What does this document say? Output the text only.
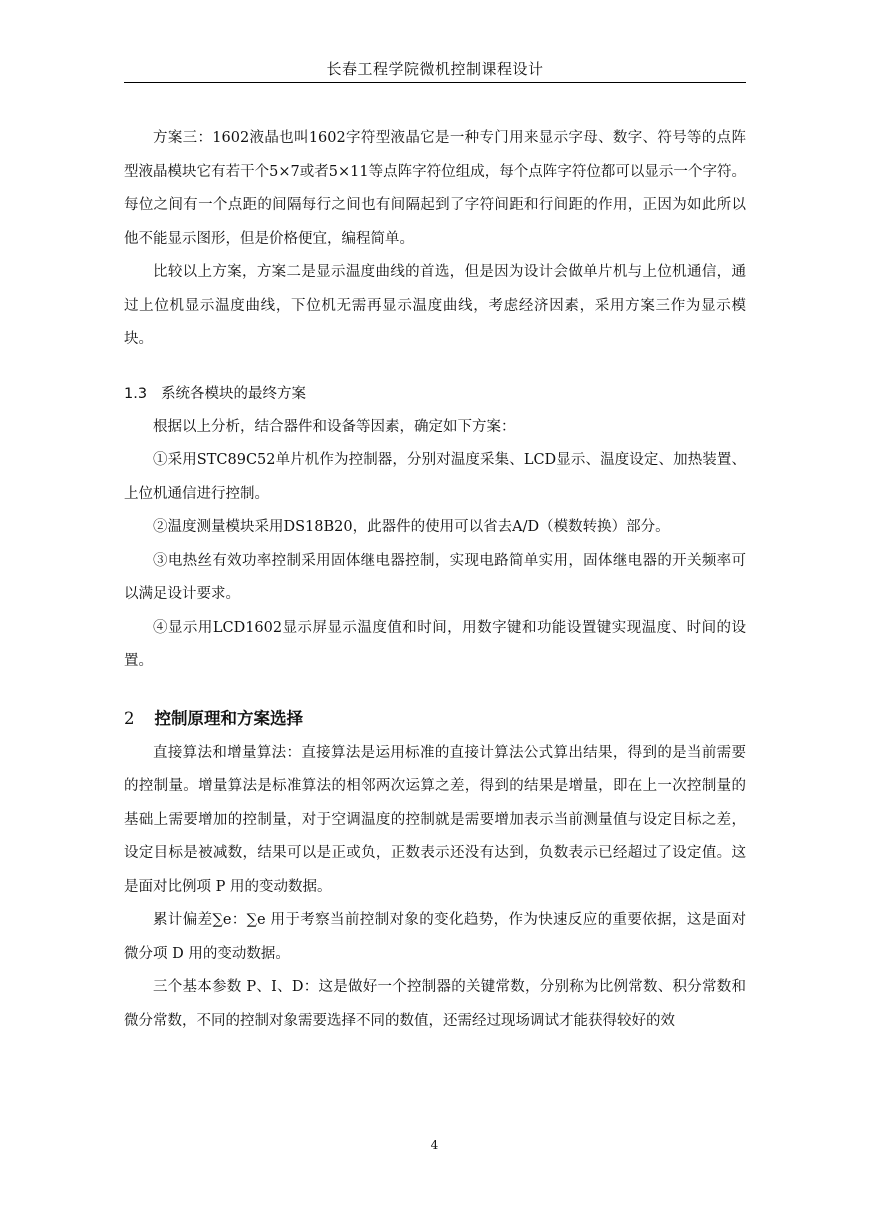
长春工程学院微机控制课程设计

方案三：1602液晶也叫1602字符型液晶它是一种专门用来显示字母、数字、符号等的点阵型液晶模块它有若干个5×7或者5×11等点阵字符位组成，每个点阵字符位都可以显示一个字符。每位之间有一个点距的间隔每行之间也有间隔起到了字符间距和行间距的作用，正因为如此所以他不能显示图形，但是价格便宜，编程简单。

比较以上方案，方案二是显示温度曲线的首选，但是因为设计会做单片机与上位机通信，通过上位机显示温度曲线，下位机无需再显示温度曲线，考虑经济因素，采用方案三作为显示模块。

1.3 系统各模块的最终方案

根据以上分析，结合器件和设备等因素，确定如下方案：

①采用STC89C52单片机作为控制器，分别对温度采集、LCD显示、温度设定、加热装置、上位机通信进行控制。

②温度测量模块采用DS18B20，此器件的使用可以省去A/D（模数转换）部分。

③电热丝有效功率控制采用固体继电器控制，实现电路简单实用，固体继电器的开关频率可以满足设计要求。

④显示用LCD1602显示屏显示温度值和时间，用数字键和功能设置键实现温度、时间的设置。

2 控制原理和方案选择

直接算法和增量算法：直接算法是运用标准的直接计算法公式算出结果，得到的是当前需要的控制量。增量算法是标准算法的相邻两次运算之差，得到的结果是增量，即在上一次控制量的基础上需要增加的控制量，对于空调温度的控制就是需要增加表示当前测量值与设定目标之差，设定目标是被减数，结果可以是正或负，正数表示还没有达到，负数表示已经超过了设定值。这是面对比例项 P 用的变动数据。

累计偏差∑e：∑e 用于考察当前控制对象的变化趋势，作为快速反应的重要依据，这是面对微分项 D 用的变动数据。

三个基本参数 P、I、D：这是做好一个控制器的关键常数，分别称为比例常数、积分常数和微分常数，不同的控制对象需要选择不同的数值，还需经过现场调试才能获得较好的效

4
